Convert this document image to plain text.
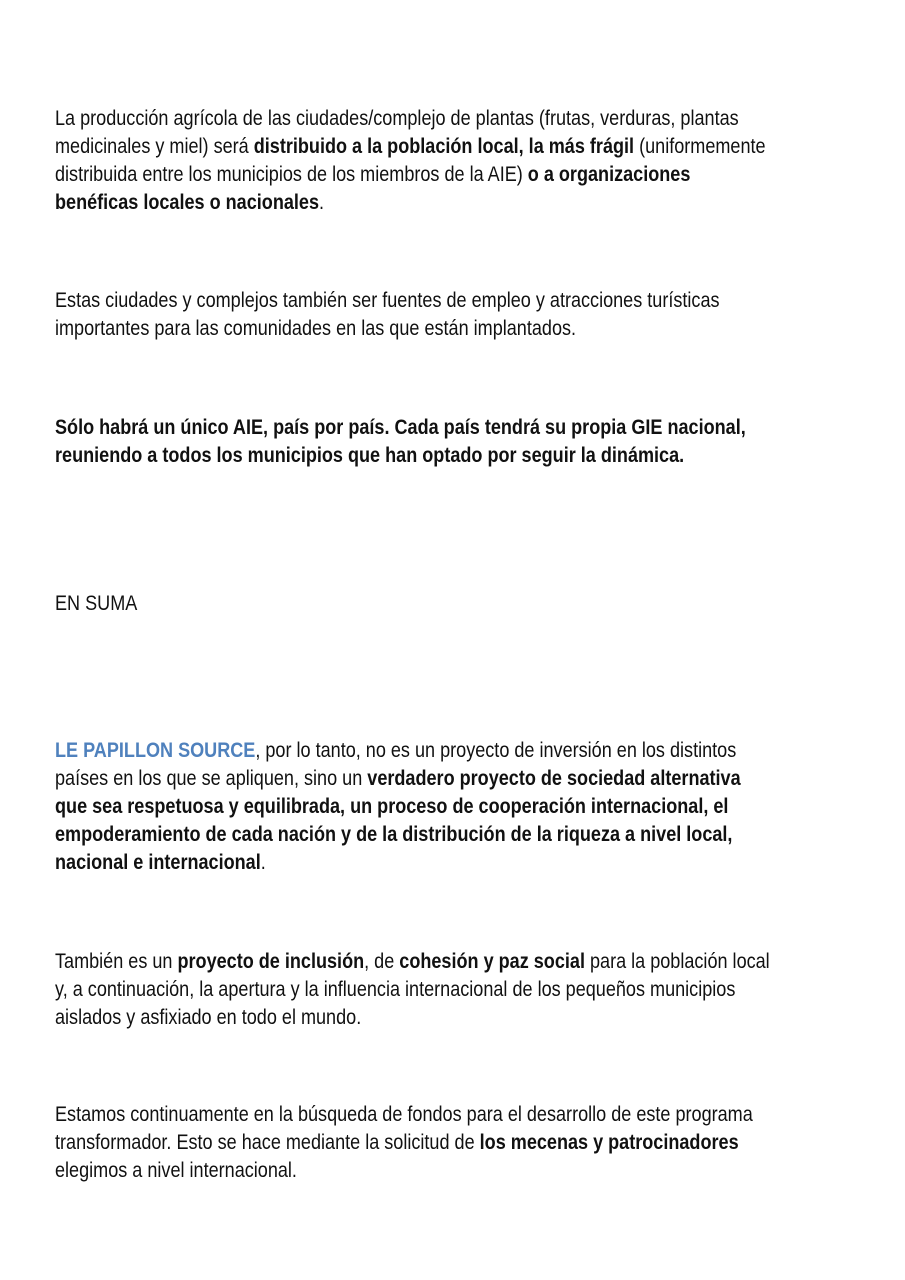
La producción agrícola de las ciudades/complejo de plantas (frutas, verduras, plantas
medicinales y miel) será distribuido a la población local, la más frágil (uniformemente
distribuida entre los municipios de los miembros de la AIE) o a organizaciones
benéficas locales o nacionales.
Estas ciudades y complejos también ser fuentes de empleo y atracciones turísticas
importantes para las comunidades en las que están implantados.
Sólo habrá un único AIE, país por país. Cada país tendrá su propia GIE nacional,
reuniendo a todos los municipios que han optado por seguir la dinámica.
EN SUMA
LE PAPILLON SOURCE, por lo tanto, no es un proyecto de inversión en los distintos
países en los que se apliquen, sino un verdadero proyecto de sociedad alternativa
que sea respetuosa y equilibrada, un proceso de cooperación internacional, el
empoderamiento de cada nación y de la distribución de la riqueza a nivel local,
nacional e internacional.
También es un proyecto de inclusión, de cohesión y paz social para la población local
y, a continuación, la apertura y la influencia internacional de los pequeños municipios
aislados y asfixiado en todo el mundo.
Estamos continuamente en la búsqueda de fondos para el desarrollo de este programa
transformador. Esto se hace mediante la solicitud de los mecenas y patrocinadores
elegimos a nivel internacional.
